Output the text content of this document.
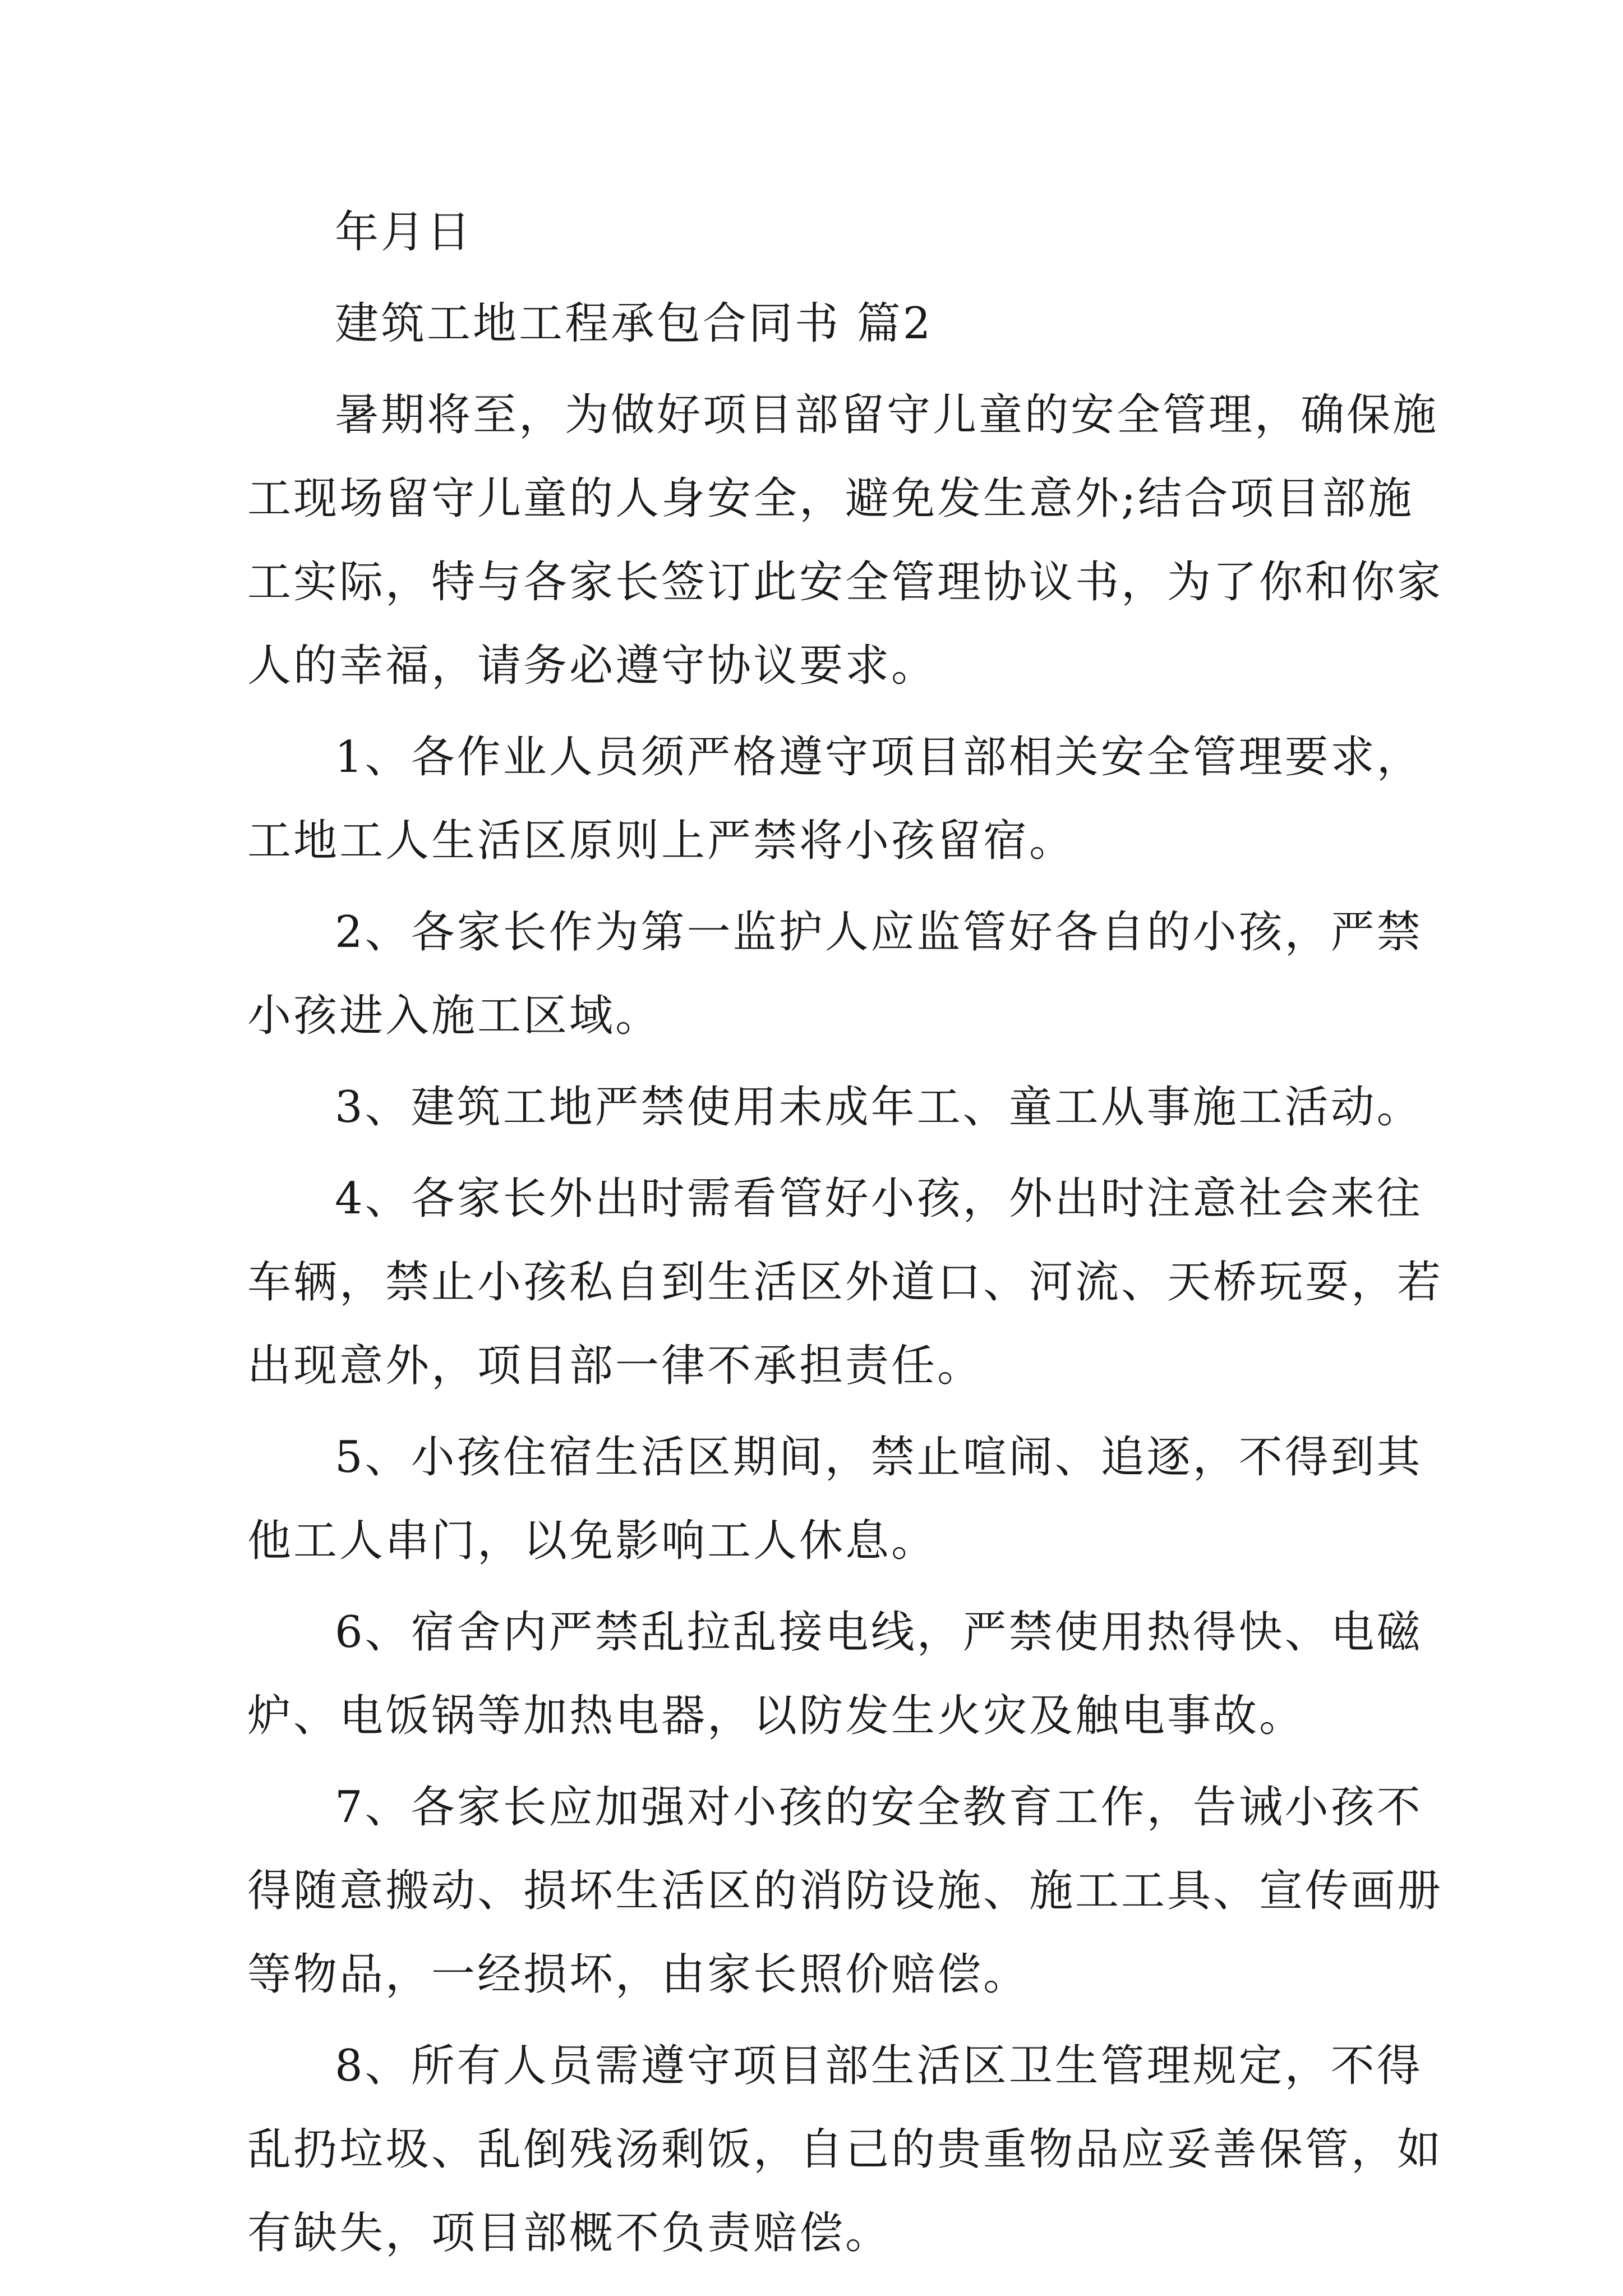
年月日

建筑工地工程承包合同书 篇2

暑期将至，为做好项目部留守儿童的安全管理，确保施

工现场留守儿童的人身安全，避免发生意外;结合项目部施

工实际，特与各家长签订此安全管理协议书，为了你和你家

人的幸福，请务必遵守协议要求。

1、各作业人员须严格遵守项目部相关安全管理要求，

工地工人生活区原则上严禁将小孩留宿。

2、各家长作为第一监护人应监管好各自的小孩，严禁

小孩进入施工区域。

3、建筑工地严禁使用未成年工、童工从事施工活动。

4、各家长外出时需看管好小孩，外出时注意社会来往

车辆，禁止小孩私自到生活区外道口、河流、天桥玩耍，若

出现意外，项目部一律不承担责任。

5、小孩住宿生活区期间，禁止喧闹、追逐，不得到其

他工人串门，以免影响工人休息。

6、宿舍内严禁乱拉乱接电线，严禁使用热得快、电磁

炉、电饭锅等加热电器，以防发生火灾及触电事故。

7、各家长应加强对小孩的安全教育工作，告诫小孩不

得随意搬动、损坏生活区的消防设施、施工工具、宣传画册

等物品，一经损坏，由家长照价赔偿。

8、所有人员需遵守项目部生活区卫生管理规定，不得

乱扔垃圾、乱倒残汤剩饭，自己的贵重物品应妥善保管，如

有缺失，项目部概不负责赔偿。
